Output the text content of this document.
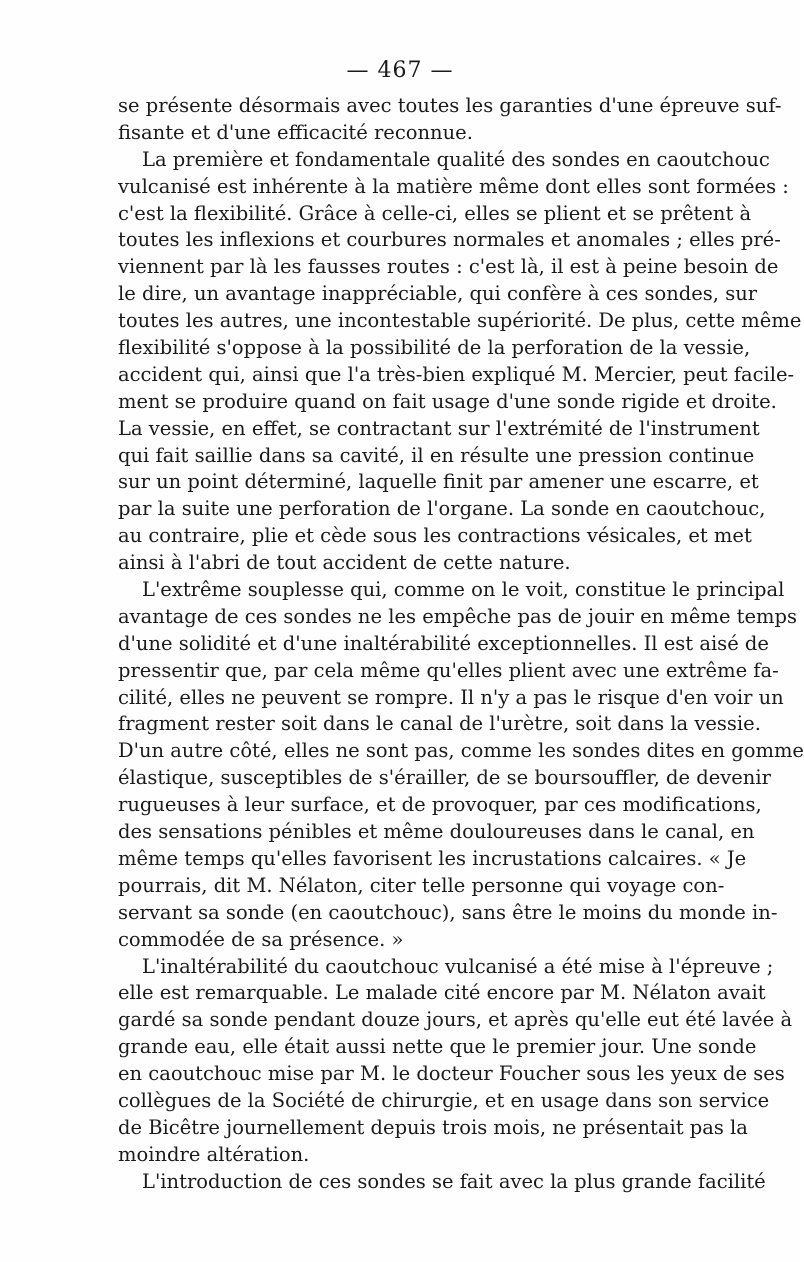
— 467 —
se présente désormais avec toutes les garanties d'une épreuve suf-
fisante et d'une efficacité reconnue.
La première et fondamentale qualité des sondes en caoutchouc
vulcanisé est inhérente à la matière même dont elles sont formées :
c'est la flexibilité. Grâce à celle-ci, elles se plient et se prêtent à
toutes les inflexions et courbures normales et anomales ; elles pré-
viennent par là les fausses routes : c'est là, il est à peine besoin de
le dire, un avantage inappréciable, qui confère à ces sondes, sur
toutes les autres, une incontestable supériorité. De plus, cette même
flexibilité s'oppose à la possibilité de la perforation de la vessie,
accident qui, ainsi que l'a très-bien expliqué M. Mercier, peut facile-
ment se produire quand on fait usage d'une sonde rigide et droite.
La vessie, en effet, se contractant sur l'extrémité de l'instrument
qui fait saillie dans sa cavité, il en résulte une pression continue
sur un point déterminé, laquelle finit par amener une escarre, et
par la suite une perforation de l'organe. La sonde en caoutchouc,
au contraire, plie et cède sous les contractions vésicales, et met
ainsi à l'abri de tout accident de cette nature.
L'extrême souplesse qui, comme on le voit, constitue le principal
avantage de ces sondes ne les empêche pas de jouir en même temps
d'une solidité et d'une inaltérabilité exceptionnelles. Il est aisé de
pressentir que, par cela même qu'elles plient avec une extrême fa-
cilité, elles ne peuvent se rompre. Il n'y a pas le risque d'en voir un
fragment rester soit dans le canal de l'urètre, soit dans la vessie.
D'un autre côté, elles ne sont pas, comme les sondes dites en gomme
élastique, susceptibles de s'érailler, de se boursouffler, de devenir
rugueuses à leur surface, et de provoquer, par ces modifications,
des sensations pénibles et même douloureuses dans le canal, en
même temps qu'elles favorisent les incrustations calcaires. « Je
pourrais, dit M. Nélaton, citer telle personne qui voyage con-
servant sa sonde (en caoutchouc), sans être le moins du monde in-
commodée de sa présence. »
L'inaltérabilité du caoutchouc vulcanisé a été mise à l'épreuve ;
elle est remarquable. Le malade cité encore par M. Nélaton avait
gardé sa sonde pendant douze jours, et après qu'elle eut été lavée à
grande eau, elle était aussi nette que le premier jour. Une sonde
en caoutchouc mise par M. le docteur Foucher sous les yeux de ses
collègues de la Société de chirurgie, et en usage dans son service
de Bicêtre journellement depuis trois mois, ne présentait pas la
moindre altération.
L'introduction de ces sondes se fait avec la plus grande facilité
